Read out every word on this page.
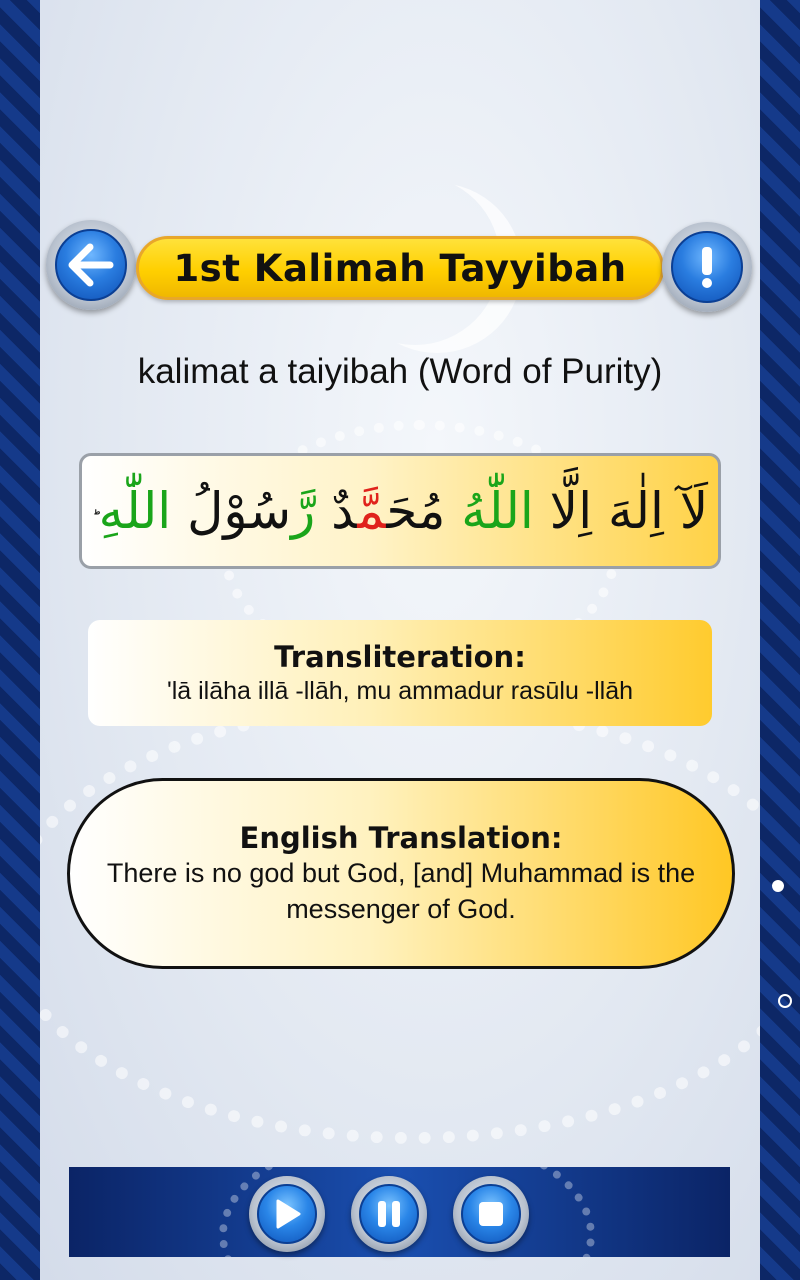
1st Kalimah Tayyibah
kalimat a taiyibah (Word of Purity)
لَآ اِلٰهَ اِلَّا اللّٰهُ مُحَمَّدٌ رَّسُوْلُ اللّٰهِ ؕ
Transliteration:
'lā ilāha illā -llāh, mu ammadur rasūlu -llāh
English Translation:
There is no god but God, [and] Muhammad is the messenger of God.
